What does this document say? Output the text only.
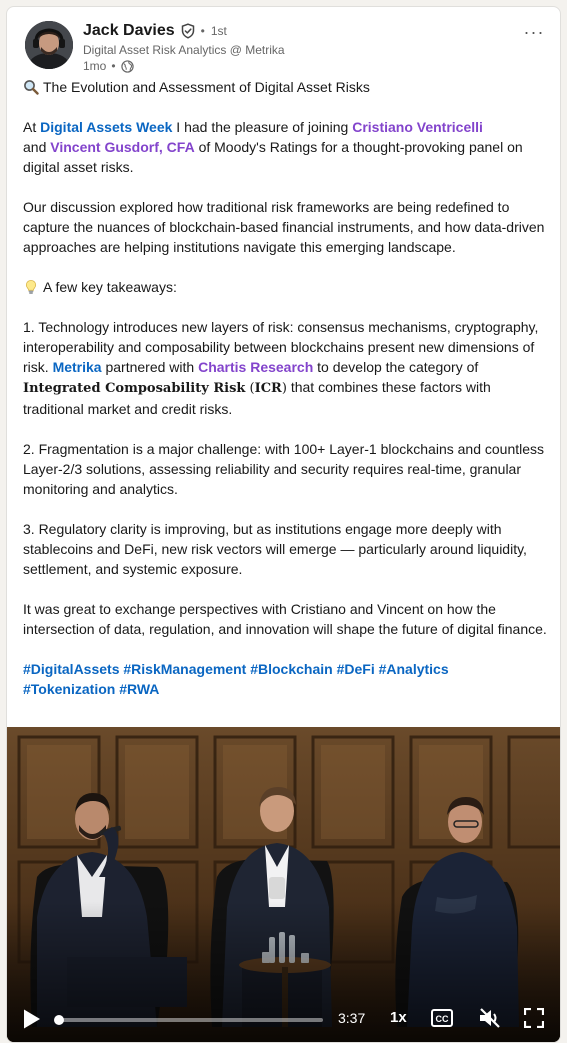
Jack Davies • 1st
Digital Asset Risk Analytics @ Metrika
1mo •
···

The Evolution and Assessment of Digital Asset Risks

At Digital Assets Week I had the pleasure of joining Cristiano Ventricelli
and Vincent Gusdorf, CFA of Moody's Ratings for a thought-provoking panel on digital asset risks.

Our discussion explored how traditional risk frameworks are being redefined to capture the nuances of blockchain-based financial instruments, and how data-driven approaches are helping institutions navigate this emerging landscape.

A few key takeaways:

1. Technology introduces new layers of risk: consensus mechanisms, cryptography, interoperability and composability between blockchains present new dimensions of risk. Metrika partnered with Chartis Research to develop the category of Integrated Composability Risk (ICR) that combines these factors with traditional market and credit risks.

2. Fragmentation is a major challenge: with 100+ Layer-1 blockchains and countless Layer-2/3 solutions, assessing reliability and security requires real-time, granular monitoring and analytics.

3. Regulatory clarity is improving, but as institutions engage more deeply with stablecoins and DeFi, new risk vectors will emerge — particularly around liquidity, settlement, and systemic exposure.

It was great to exchange perspectives with Cristiano and Vincent on how the intersection of data, regulation, and innovation will shape the future of digital finance.

#DigitalAssets #RiskManagement #Blockchain #DeFi #Analytics
#Tokenization #RWA

3:37 1x	CC
